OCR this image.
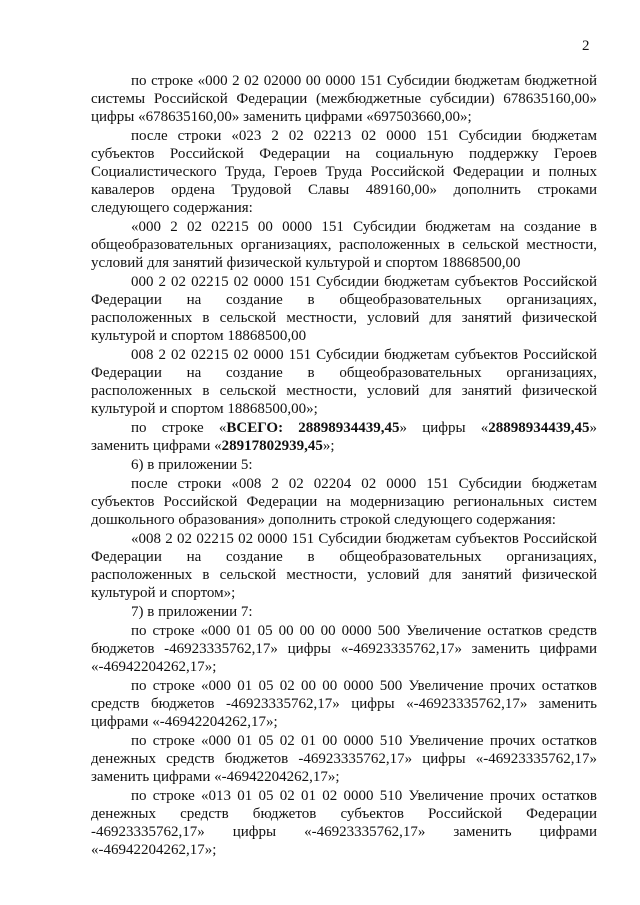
2

по строке «000 2 02 02000 00 0000 151 Субсидии бюджетам бюджетной системы Российской Федерации (межбюджетные субсидии) 678635160,00» цифры «678635160,00» заменить цифрами «697503660,00»;

после строки «023 2 02 02213 02 0000 151 Субсидии бюджетам субъектов Российской Федерации на социальную поддержку Героев Социалистического Труда, Героев Труда Российской Федерации и полных кавалеров ордена Трудовой Славы 489160,00» дополнить строками следующего содержания:

«000 2 02 02215 00 0000 151 Субсидии бюджетам на создание в общеобразовательных организациях, расположенных в сельской местности, условий для занятий физической культурой и спортом 18868500,00

000 2 02 02215 02 0000 151 Субсидии бюджетам субъектов Российской Федерации на создание в общеобразовательных организациях, расположенных в сельской местности, условий для занятий физической культурой и спортом 18868500,00

008 2 02 02215 02 0000 151 Субсидии бюджетам субъектов Российской Федерации на создание в общеобразовательных организациях, расположенных в сельской местности, условий для занятий физической культурой и спортом 18868500,00»;

по строке «ВСЕГО: 28898934439,45» цифры «28898934439,45» заменить цифрами «28917802939,45»;

6) в приложении 5:

после строки «008 2 02 02204 02 0000 151 Субсидии бюджетам субъектов Российской Федерации на модернизацию региональных систем дошкольного образования» дополнить строкой следующего содержания:

«008 2 02 02215 02 0000 151 Субсидии бюджетам субъектов Российской Федерации на создание в общеобразовательных организациях, расположенных в сельской местности, условий для занятий физической культурой и спортом»;

7) в приложении 7:

по строке «000 01 05 00 00 00 0000 500 Увеличение остатков средств бюджетов -46923335762,17» цифры «-46923335762,17» заменить цифрами «-46942204262,17»;

по строке «000 01 05 02 00 00 0000 500 Увеличение прочих остатков средств бюджетов -46923335762,17» цифры «-46923335762,17» заменить цифрами «-46942204262,17»;

по строке «000 01 05 02 01 00 0000 510 Увеличение прочих остатков денежных средств бюджетов -46923335762,17» цифры «-46923335762,17» заменить цифрами «-46942204262,17»;

по строке «013 01 05 02 01 02 0000 510 Увеличение прочих остатков денежных средств бюджетов субъектов Российской Федерации -46923335762,17» цифры «-46923335762,17» заменить цифрами «-46942204262,17»;
